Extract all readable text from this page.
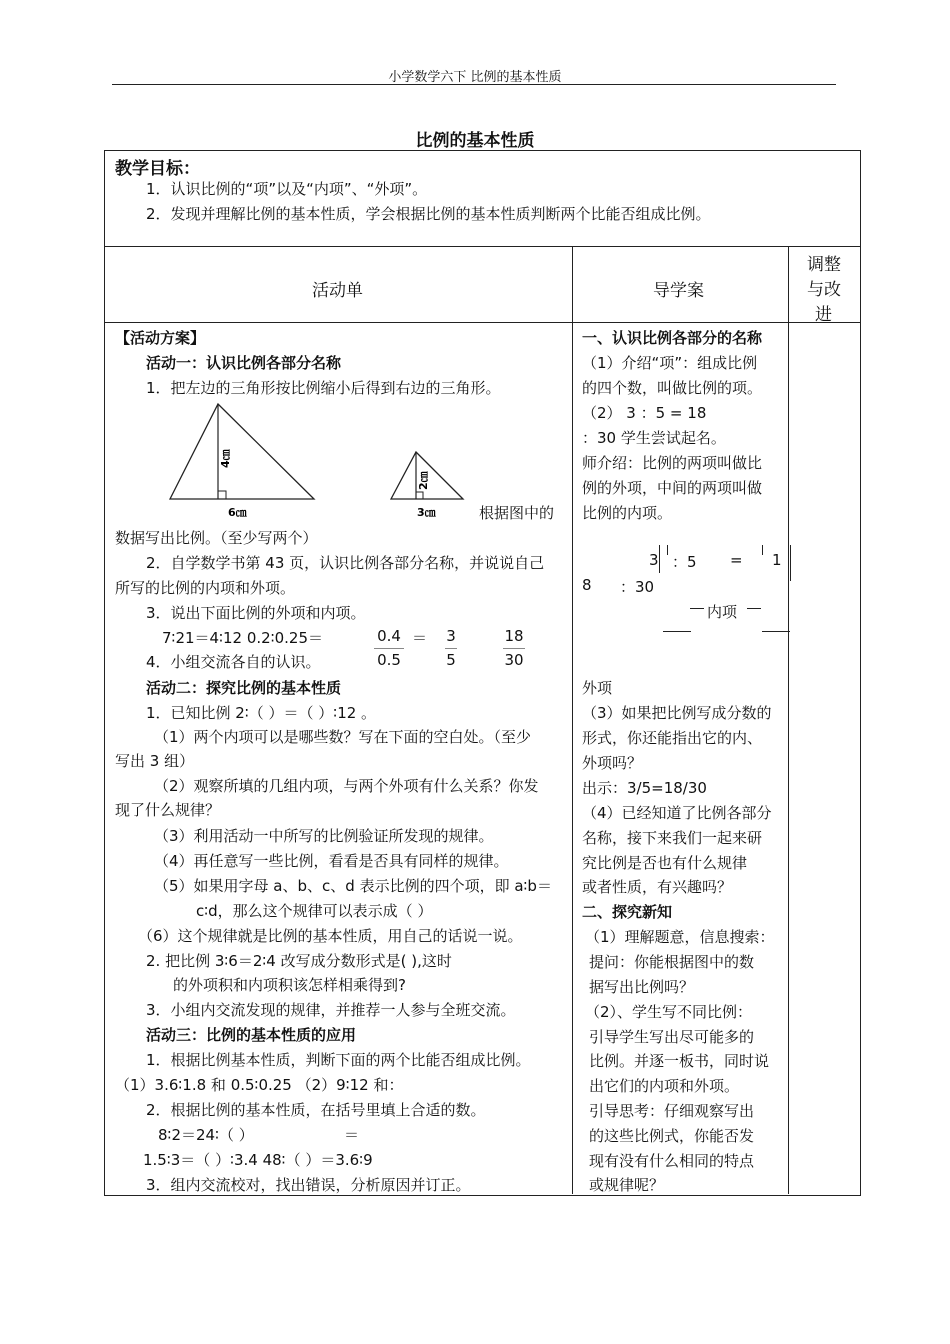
小学数学六下 比例的基本性质
比例的基本性质
教学目标：
1．认识比例的“项”以及“内项”、“外项”。
2．发现并理解比例的基本性质，学会根据比例的基本性质判断两个比能否组成比例。
活动单	导学案
调整
与改
进
【活动方案】
活动一：认识比例各部分名称
1．把左边的三角形按比例缩小后得到右边的三角形。
4㎝
6㎝
2㎝
3㎝	根据图中的
数据写出比例。（至少写两个）
2．自学数学书第 43 页，认识比例各部分名称，并说说自己
所写的比例的内项和外项。
3．说出下面比例的外项和内项。
7∶21＝4∶12 0.2∶0.25＝	0.4
0.5
＝ 3
5
18
30
4．小组交流各自的认识。
活动二：探究比例的基本性质
1．已知比例 2∶（ ）＝（ ）∶12 。
（1）两个内项可以是哪些数？写在下面的空白处。（至少
写出 3 组）
（2）观察所填的几组内项，与两个外项有什么关系？你发
现了什么规律？
（3）利用活动一中所写的比例验证所发现的规律。
（4）再任意写一些比例，看看是否具有同样的规律。
（5）如果用字母 a、b、c、d 表示比例的四个项，即 a∶b＝
c∶d，那么这个规律可以表示成（ ）
（6）这个规律就是比例的基本性质，用自己的话说一说。
2. 把比例 3∶6＝2∶4 改写成分数形式是( ),这时
的外项积和内项积该怎样相乘得到?
3．小组内交流发现的规律，并推荐一人参与全班交流。
活动三：比例的基本性质的应用
1．根据比例基本性质，判断下面的两个比能否组成比例。
（1）3.6∶1.8 和 0.5∶0.25 （2）9∶12 和：
2．根据比例的基本性质，在括号里填上合适的数。
8∶2＝24∶（ ）	＝
1.5∶3＝（ ）∶3.4 48∶（ ）＝3.6∶9
3．组内交流校对，找出错误，分析原因并订正。
一、认识比例各部分的名称
（1）介绍“项”：组成比例
的四个数，叫做比例的项。
（2） 3 ：5 = 18
：30 学生尝试起名。
师介绍：比例的两项叫做比
例的外项，中间的两项叫做
比例的内项。
3 ：5 = 1
8 ：30
内项
外项
（3）如果把比例写成分数的
形式，你还能指出它的内、
外项吗？
出示：3/5=18/30
（4）已经知道了比例各部分
名称，接下来我们一起来研
究比例是否也有什么规律
或者性质，有兴趣吗？
二、探究新知
（1）理解题意，信息搜索：
提问：你能根据图中的数
据写出比例吗？
（2）、学生写不同比例：
引导学生写出尽可能多的
比例。并逐一板书，同时说
出它们的内项和外项。
引导思考：仔细观察写出
的这些比例式，你能否发
现有没有什么相同的特点
或规律呢？
